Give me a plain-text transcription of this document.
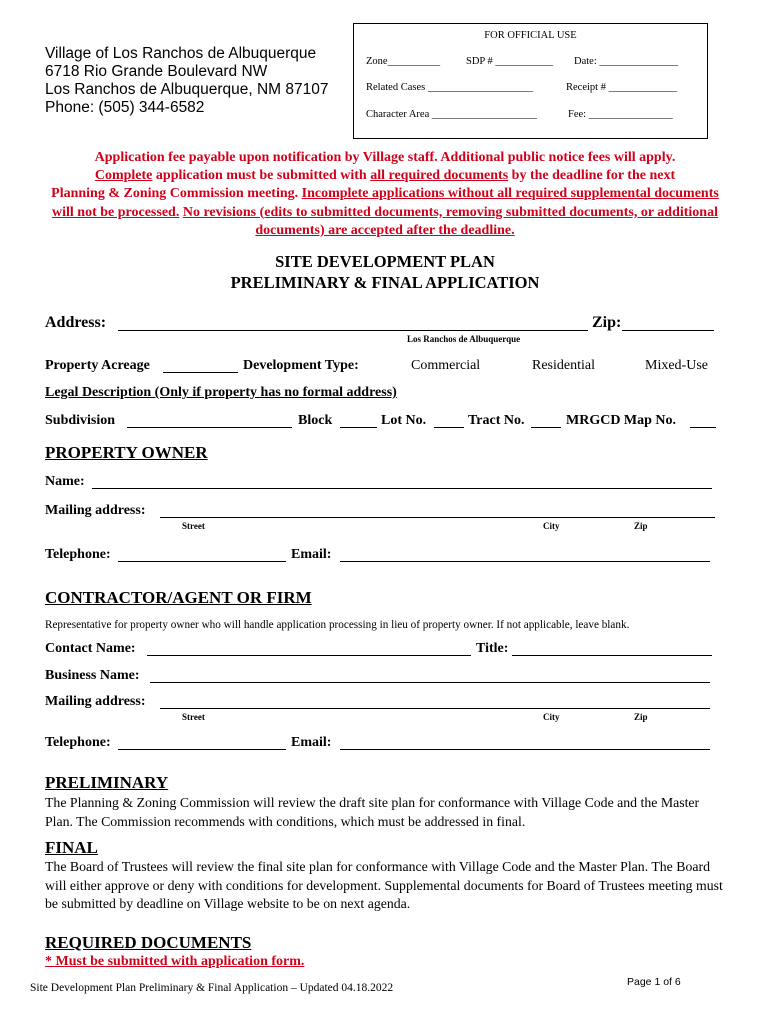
Village of Los Ranchos de Albuquerque
6718 Rio Grande Boulevard NW
Los Ranchos de Albuquerque, NM 87107
Phone: (505) 344-6582
FOR OFFICIAL USE
Zone__________ SDP # ___________ Date: _______________
Related Cases ____________________	Receipt # _____________
Character Area ____________________	Fee: ________________
Application fee payable upon notification by Village staff. Additional public notice fees will apply.
Complete application must be submitted with all required documents by the deadline for the next
Planning & Zoning Commission meeting. Incomplete applications without all required supplemental documents will not be processed. No revisions (edits to submitted documents, removing submitted documents, or additional documents) are accepted after the deadline.
SITE DEVELOPMENT PLAN
PRELIMINARY & FINAL APPLICATION
Address:	Zip:
Los Ranchos de Albuquerque
Property Acreage	Development Type:	Commercial	Residential	Mixed-Use
Legal Description (Only if property has no formal address)
Subdivision	Block	Lot No.	Tract No.	MRGCD Map No.
PROPERTY OWNER
Name:
Mailing address:
Street	City	Zip
Telephone:	Email:
CONTRACTOR/AGENT OR FIRM
Representative for property owner who will handle application processing in lieu of property owner. If not applicable, leave blank.
Contact Name:	Title:
Business Name:
Mailing address:
Street	City	Zip
Telephone:	Email:
PRELIMINARY
The Planning & Zoning Commission will review the draft site plan for conformance with Village Code and the Master Plan. The Commission recommends with conditions, which must be addressed in final.
FINAL
The Board of Trustees will review the final site plan for conformance with Village Code and the Master Plan. The Board will either approve or deny with conditions for development. Supplemental documents for Board of Trustees meeting must be submitted by deadline on Village website to be on next agenda.
REQUIRED DOCUMENTS
* Must be submitted with application form.
Site Development Plan Preliminary & Final Application – Updated 04.18.2022	Page 1 of 6
